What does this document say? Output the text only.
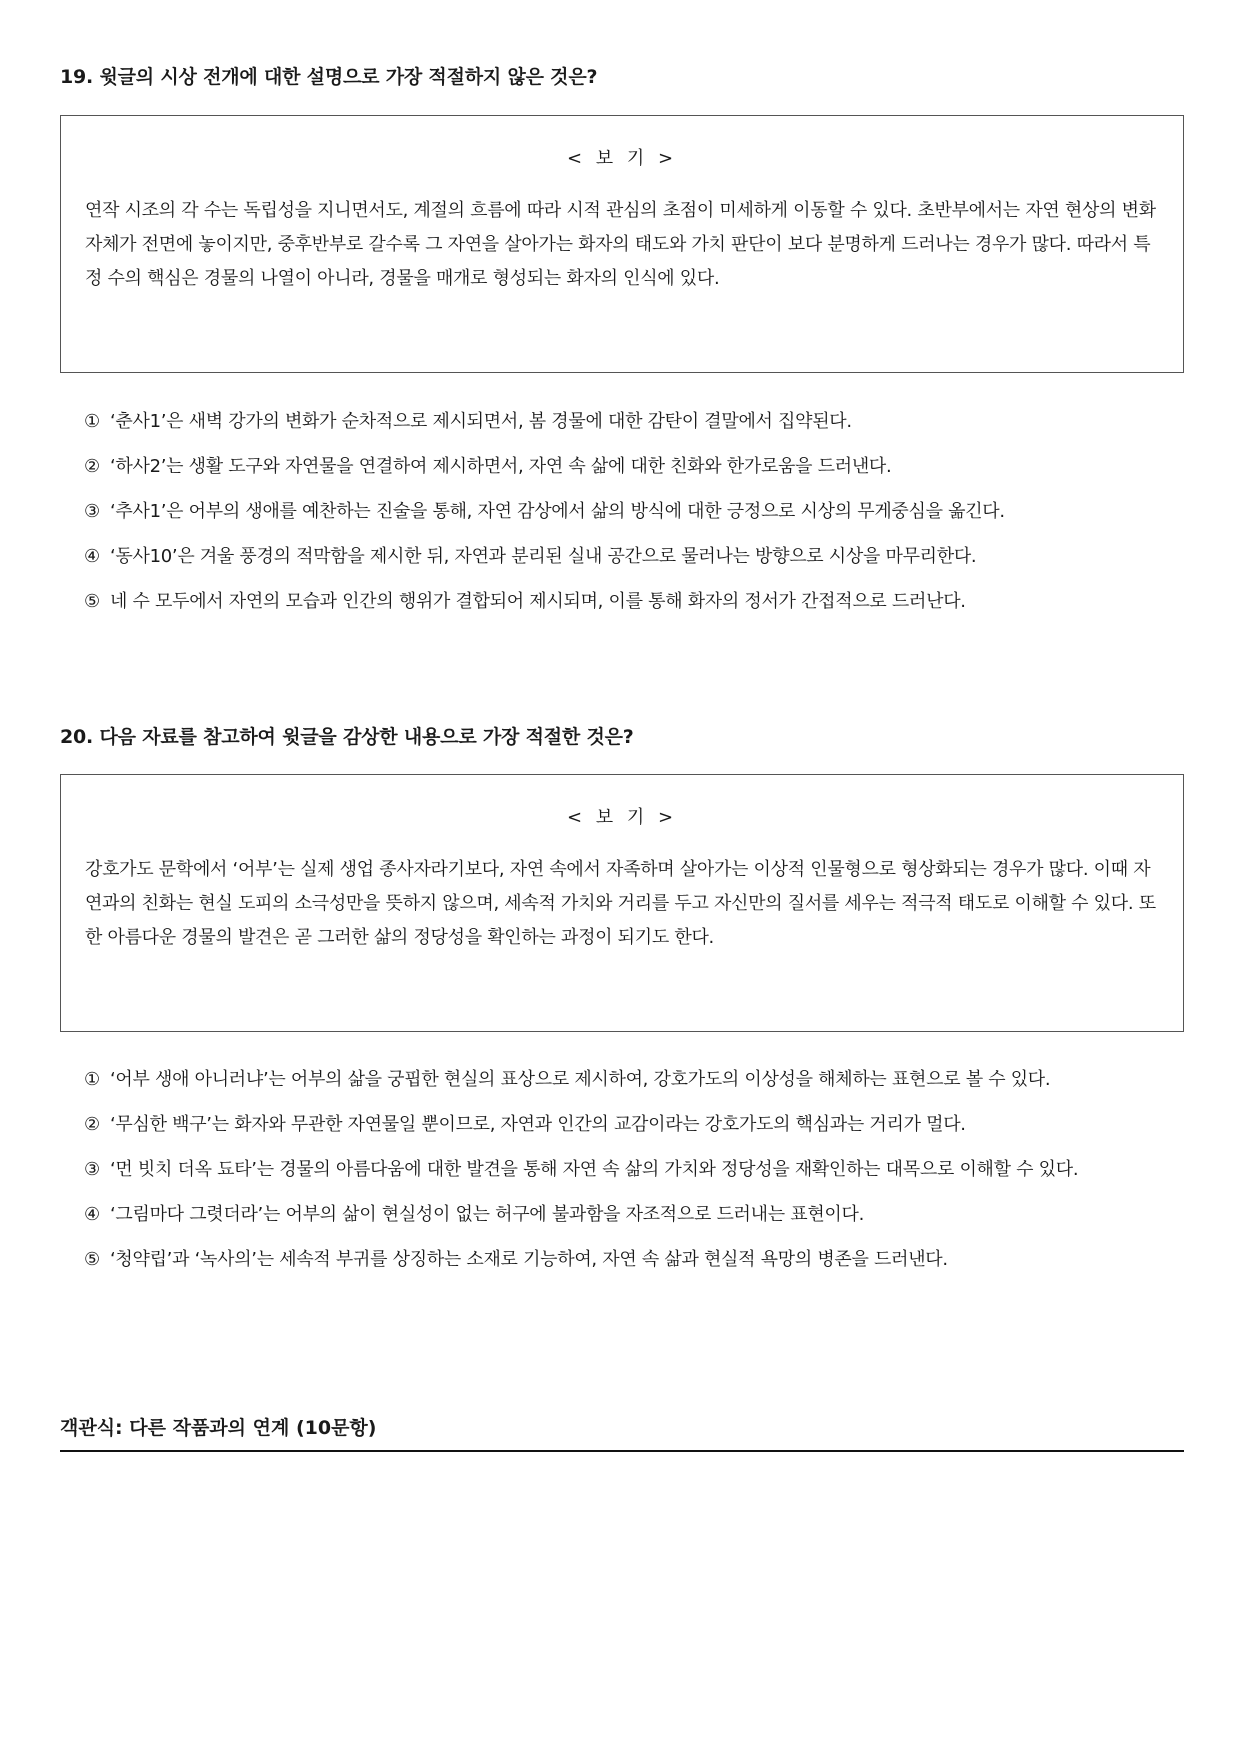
19. 윗글의 시상 전개에 대한 설명으로 가장 적절하지 않은 것은?
< 보 기 >
연작 시조의 각 수는 독립성을 지니면서도, 계절의 흐름에 따라 시적 관심의 초점이 미세하게 이동할 수 있다. 초반부에서는 자연 현상의 변화 자체가 전면에 놓이지만, 중후반부로 갈수록 그 자연을 살아가는 화자의 태도와 가치 판단이 보다 분명하게 드러나는 경우가 많다. 따라서 특정 수의 핵심은 경물의 나열이 아니라, 경물을 매개로 형성되는 화자의 인식에 있다.
① ‘춘사1’은 새벽 강가의 변화가 순차적으로 제시되면서, 봄 경물에 대한 감탄이 결말에서 집약된다.
② ‘하사2’는 생활 도구와 자연물을 연결하여 제시하면서, 자연 속 삶에 대한 친화와 한가로움을 드러낸다.
③ ‘추사1’은 어부의 생애를 예찬하는 진술을 통해, 자연 감상에서 삶의 방식에 대한 긍정으로 시상의 무게중심을 옮긴다.
④ ‘동사10’은 겨울 풍경의 적막함을 제시한 뒤, 자연과 분리된 실내 공간으로 물러나는 방향으로 시상을 마무리한다.
⑤ 네 수 모두에서 자연의 모습과 인간의 행위가 결합되어 제시되며, 이를 통해 화자의 정서가 간접적으로 드러난다.
20. 다음 자료를 참고하여 윗글을 감상한 내용으로 가장 적절한 것은?
< 보 기 >
강호가도 문학에서 ‘어부’는 실제 생업 종사자라기보다, 자연 속에서 자족하며 살아가는 이상적 인물형으로 형상화되는 경우가 많다. 이때 자연과의 친화는 현실 도피의 소극성만을 뜻하지 않으며, 세속적 가치와 거리를 두고 자신만의 질서를 세우는 적극적 태도로 이해할 수 있다. 또한 아름다운 경물의 발견은 곧 그러한 삶의 정당성을 확인하는 과정이 되기도 한다.
① ‘어부 생애 아니러냐’는 어부의 삶을 궁핍한 현실의 표상으로 제시하여, 강호가도의 이상성을 해체하는 표현으로 볼 수 있다.
② ‘무심한 백구’는 화자와 무관한 자연물일 뿐이므로, 자연과 인간의 교감이라는 강호가도의 핵심과는 거리가 멀다.
③ ‘먼 빗치 더옥 됴타’는 경물의 아름다움에 대한 발견을 통해 자연 속 삶의 가치와 정당성을 재확인하는 대목으로 이해할 수 있다.
④ ‘그림마다 그렷더라’는 어부의 삶이 현실성이 없는 허구에 불과함을 자조적으로 드러내는 표현이다.
⑤ ‘청약립’과 ‘녹사의’는 세속적 부귀를 상징하는 소재로 기능하여, 자연 속 삶과 현실적 욕망의 병존을 드러낸다.
객관식: 다른 작품과의 연계 (10문항)
